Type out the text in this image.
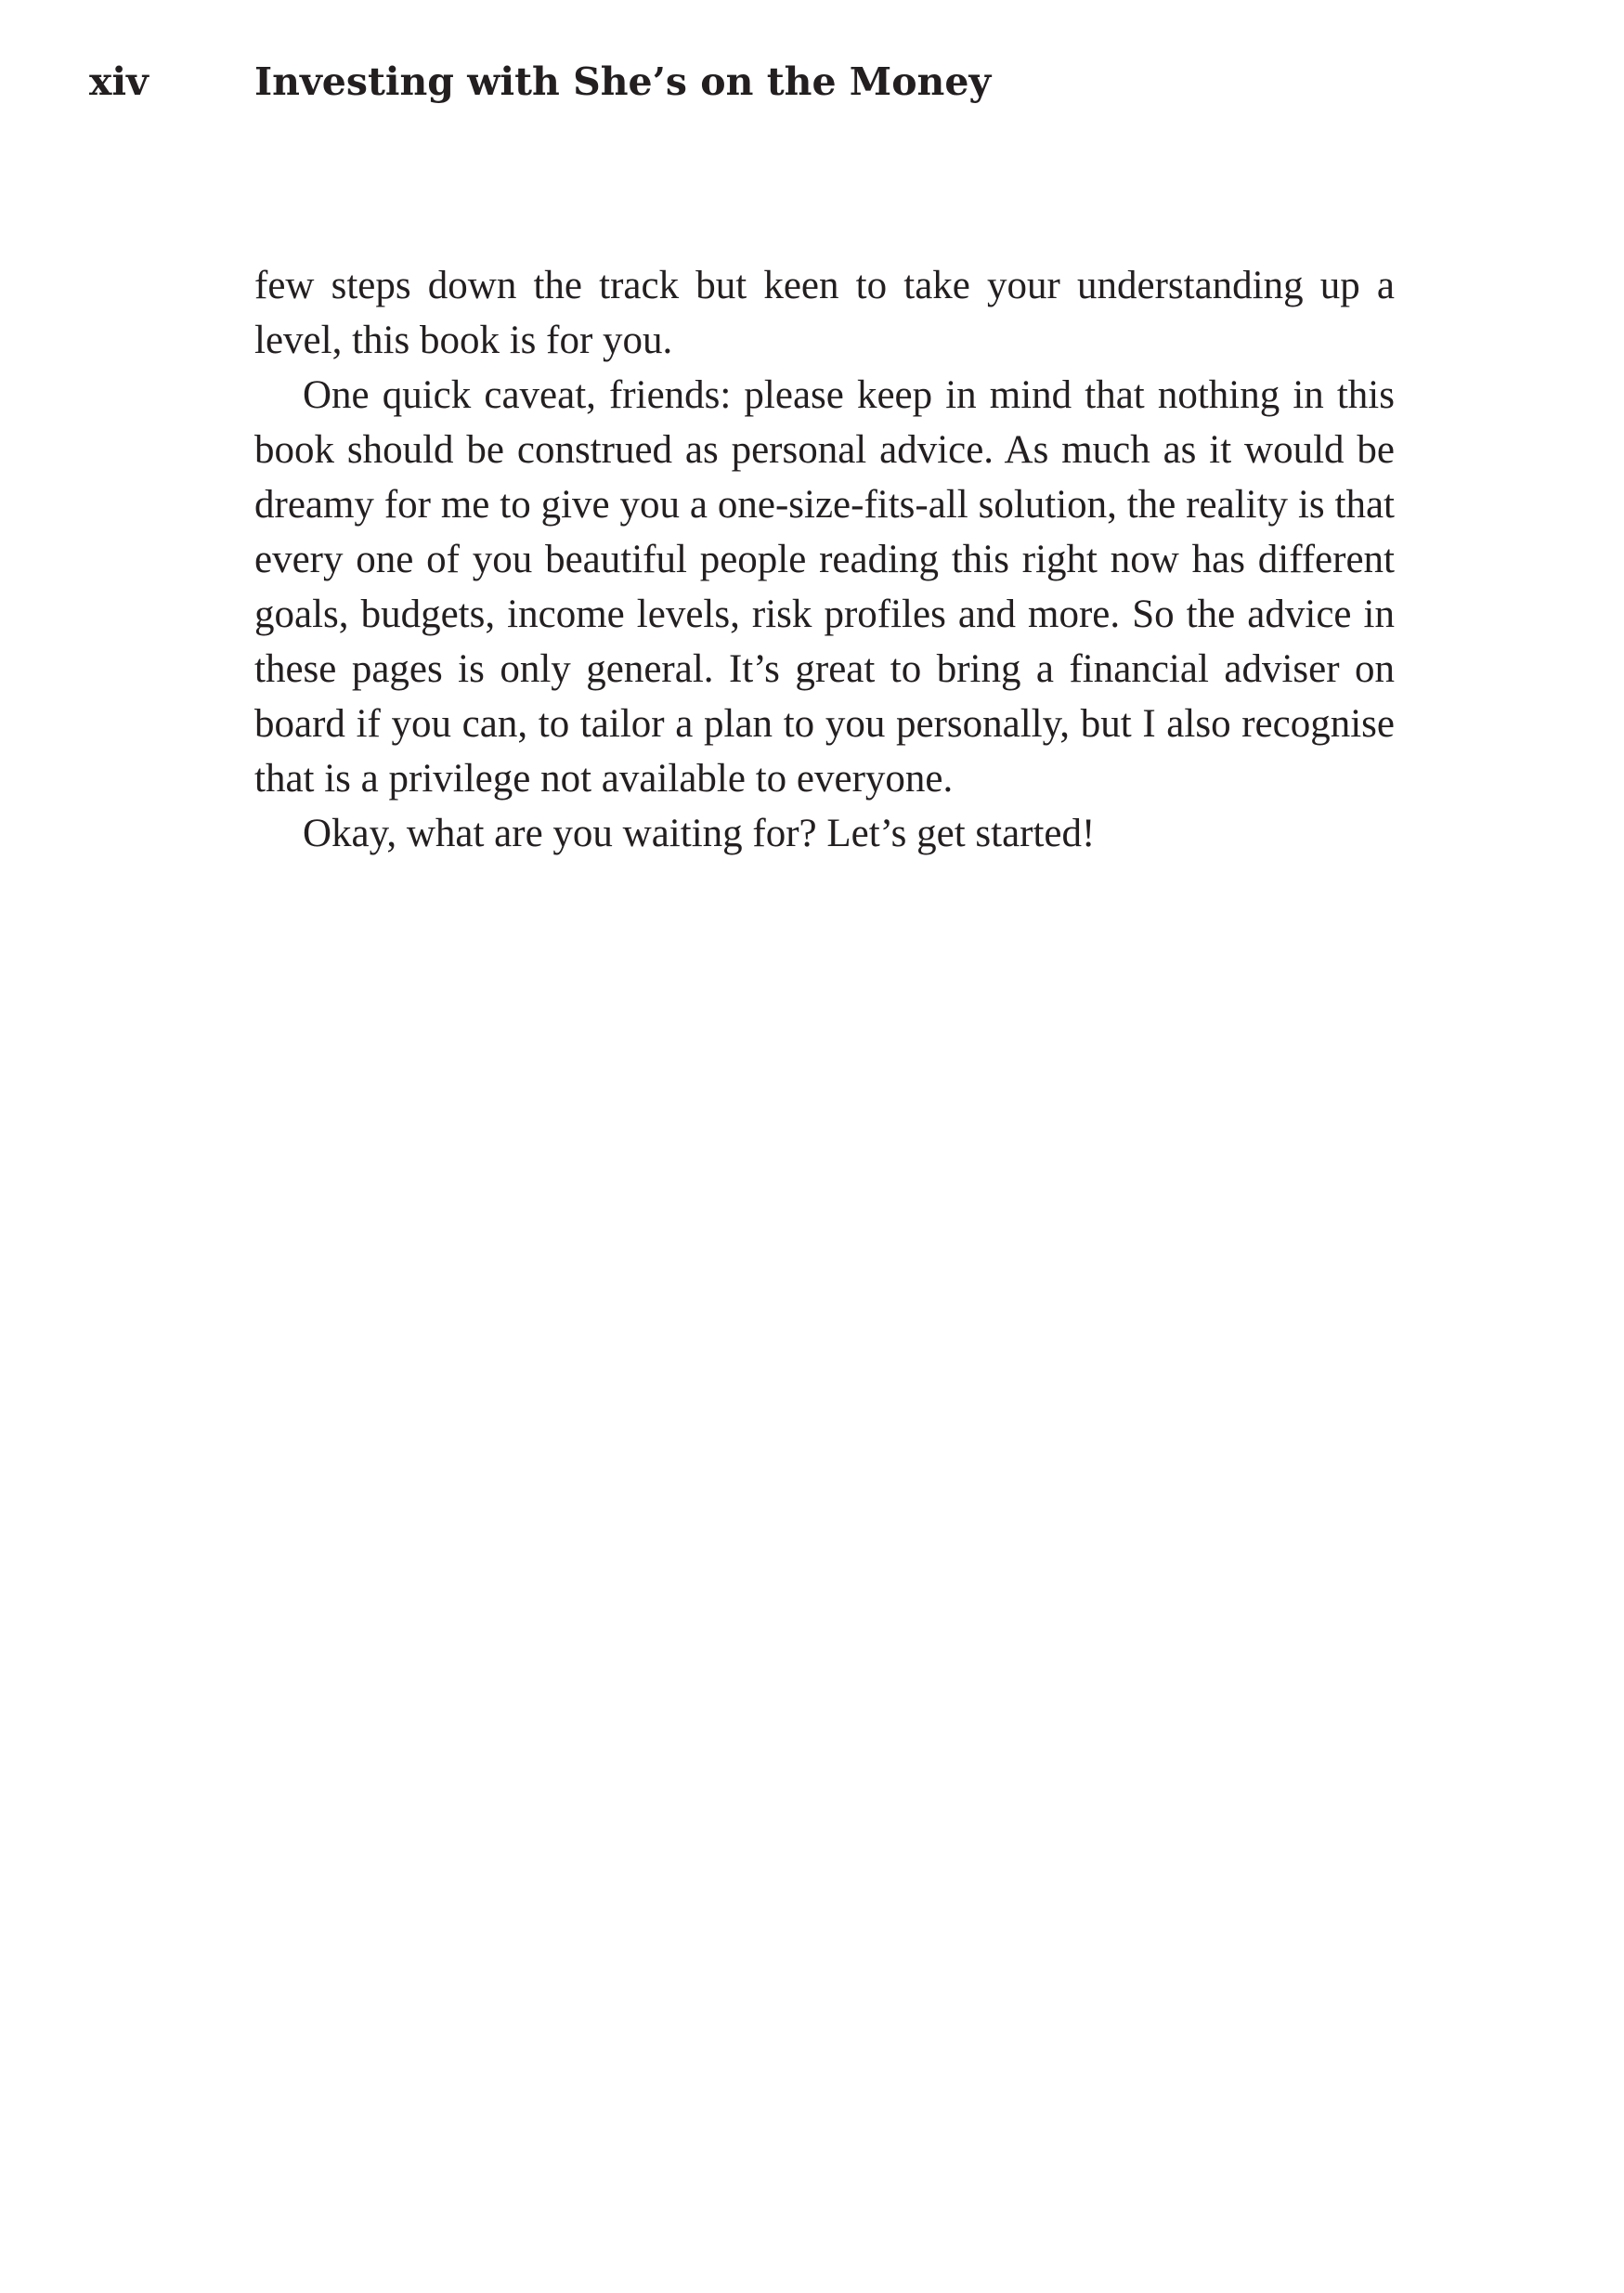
xiv	Investing with She’s on the Money

few steps down the track but keen to take your understanding up a level, this book is for you.

One quick caveat, friends: please keep in mind that nothing in this book should be construed as personal advice. As much as it would be dreamy for me to give you a one-size-fits-all solution, the reality is that every one of you beautiful people reading this right now has different goals, budgets, income levels, risk profiles and more. So the advice in these pages is only general. It’s great to bring a financial adviser on board if you can, to tailor a plan to you personally, but I also recognise that is a privilege not available to everyone.

Okay, what are you waiting for? Let’s get started!
